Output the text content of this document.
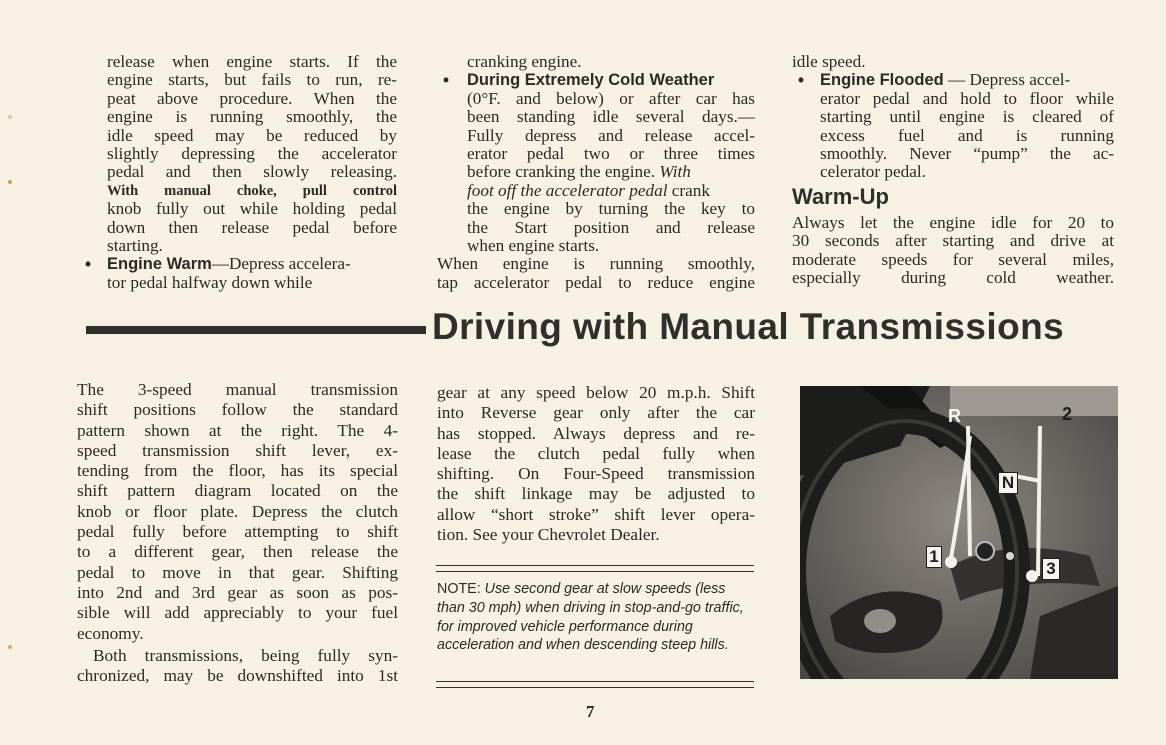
release when engine starts. If the
engine starts, but fails to run, re-
peat above procedure. When the
engine is running smoothly, the
idle speed may be reduced by
slightly depressing the accelerator
pedal and then slowly releasing.
With manual choke, pull control
knob fully out while holding pedal
down then release pedal before
starting.
• Engine Warm—Depress accelera-
tor pedal halfway down while
cranking engine.
• During Extremely Cold Weather
(0°F. and below) or after car has
been standing idle several days.—
Fully depress and release accel-
erator pedal two or three times
before cranking the engine. With
foot off the accelerator pedal crank
the engine by turning the key to
the Start position and release
when engine starts.
When engine is running smoothly,
tap accelerator pedal to reduce engine
idle speed.
• Engine Flooded — Depress accel-
erator pedal and hold to floor while
starting until engine is cleared of
excess fuel and is running
smoothly. Never “pump” the ac-
celerator pedal.
Warm-Up
Always let the engine idle for 20 to
30 seconds after starting and drive at
moderate speeds for several miles,
especially during cold weather.
Driving with Manual Transmissions
The 3-speed manual transmission
shift positions follow the standard
pattern shown at the right. The 4-
speed transmission shift lever, ex-
tending from the floor, has its special
shift pattern diagram located on the
knob or floor plate. Depress the clutch
pedal fully before attempting to shift
to a different gear, then release the
pedal to move in that gear. Shifting
into 2nd and 3rd gear as soon as pos-
sible will add appreciably to your fuel
economy.
Both transmissions, being fully syn-
chronized, may be downshifted into 1st
gear at any speed below 20 m.p.h. Shift
into Reverse gear only after the car
has stopped. Always depress and re-
lease the clutch pedal fully when
shifting. On Four-Speed transmission
the shift linkage may be adjusted to
allow “short stroke” shift lever opera-
tion. See your Chevrolet Dealer.
NOTE: Use second gear at slow speeds (less than 30 mph) when driving in stop-and-go traffic, for improved vehicle performance during acceleration and when descending steep hills.
R	2
N
1
3
7
